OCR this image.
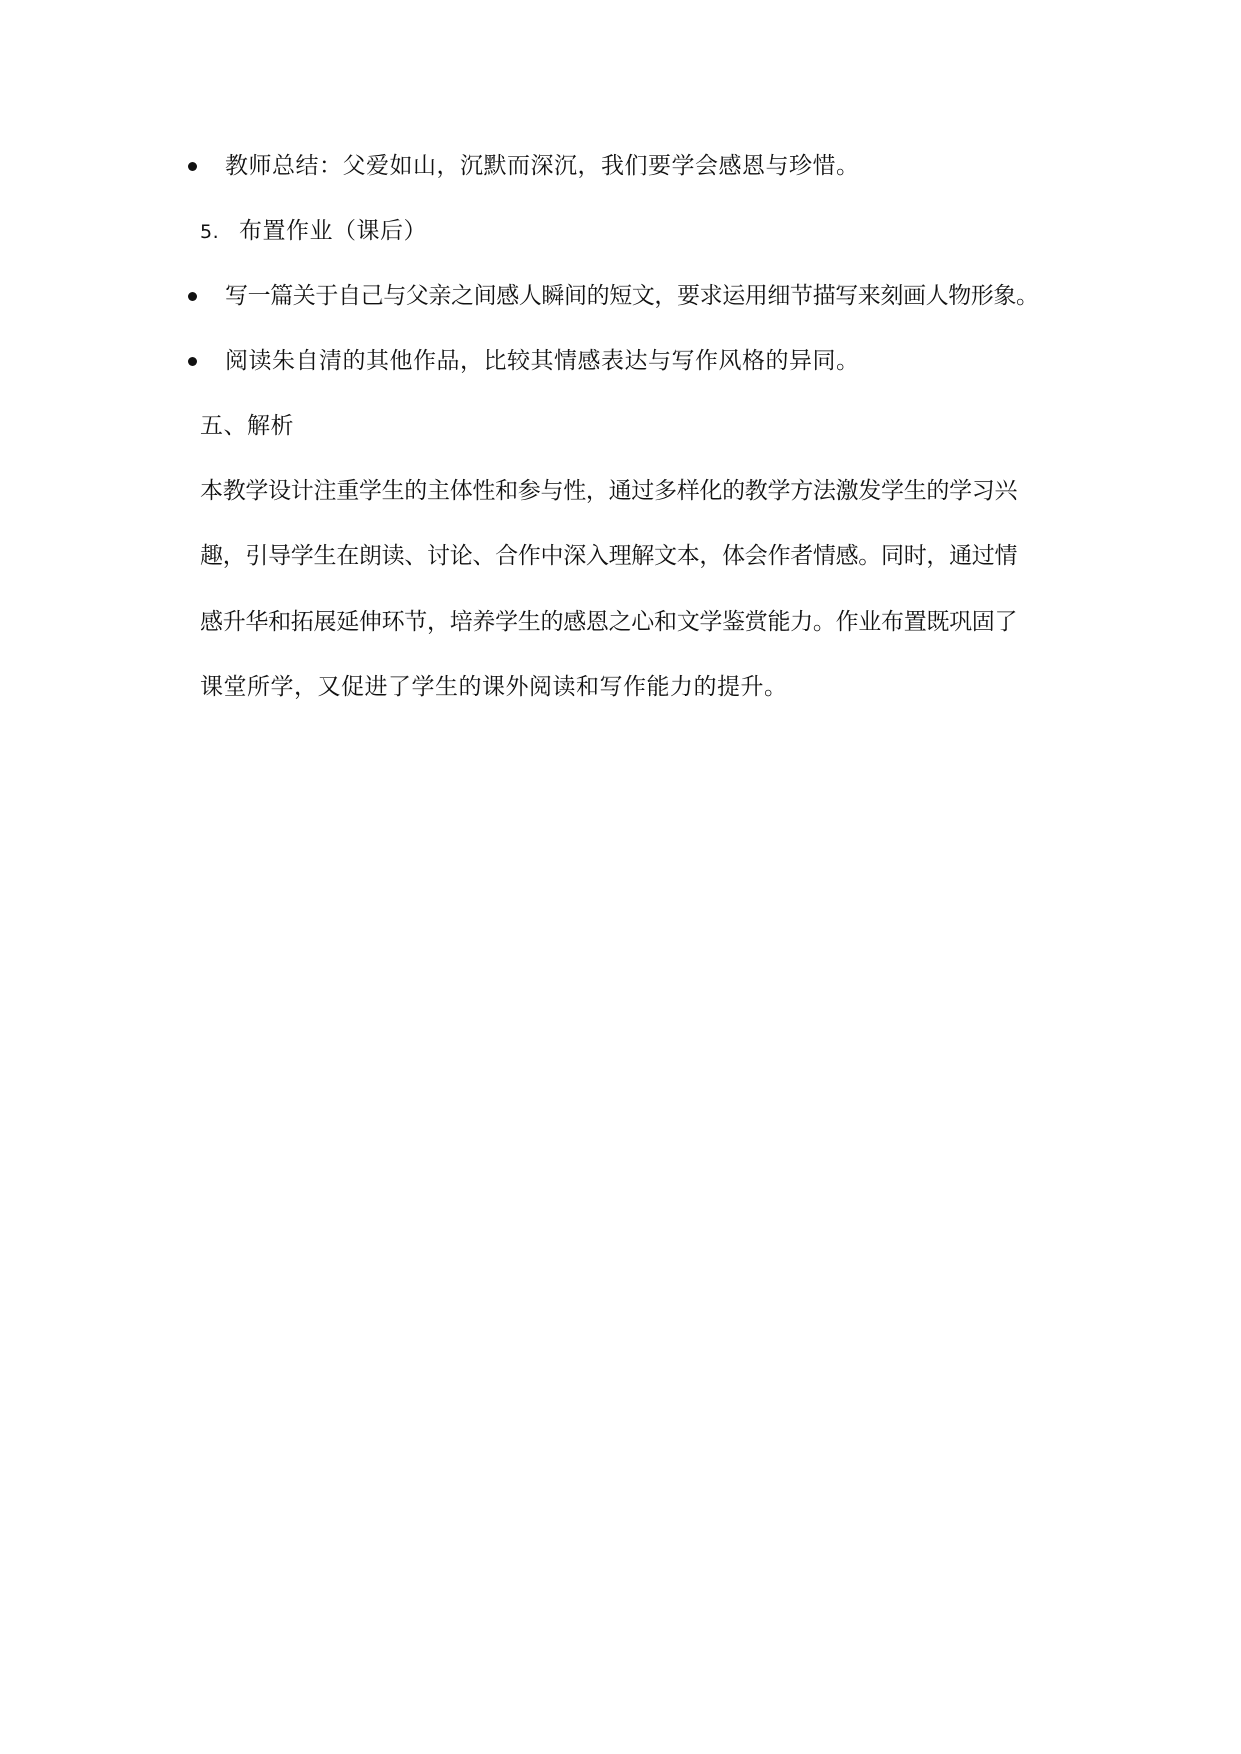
教师总结：父爱如山，沉默而深沉，我们要学会感恩与珍惜。
5. 布置作业（课后）
写一篇关于自己与父亲之间感人瞬间的短文，要求运用细节描写来刻画人物形象。
阅读朱自清的其他作品，比较其情感表达与写作风格的异同。
五、解析
本教学设计注重学生的主体性和参与性，通过多样化的教学方法激发学生的学习兴
趣，引导学生在朗读、讨论、合作中深入理解文本，体会作者情感。同时，通过情
感升华和拓展延伸环节，培养学生的感恩之心和文学鉴赏能力。作业布置既巩固了
课堂所学，又促进了学生的课外阅读和写作能力的提升。
